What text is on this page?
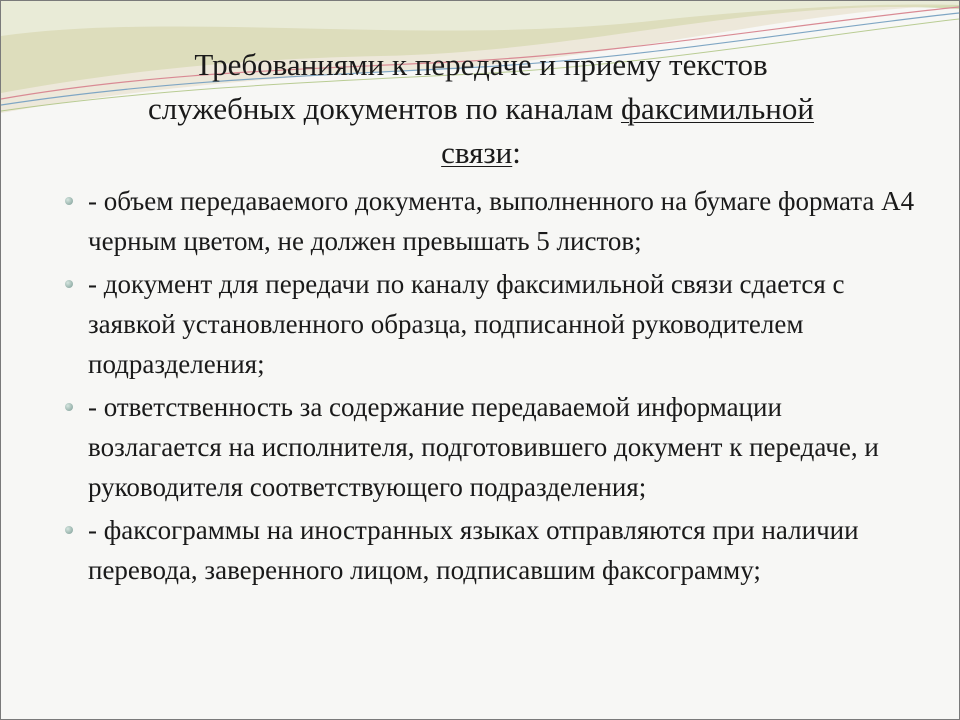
Требованиями к передаче и приему текстов
служебных документов по каналам факсимильной
связи:
- объем передаваемого документа, выполненного на бумаге формата А4 черным цветом, не должен превышать 5 листов;
- документ для передачи по каналу факсимильной связи сдается с заявкой установленного образца, подписанной руководителем подразделения;
- ответственность за содержание передаваемой информации возлагается на исполнителя, подготовившего документ к передаче, и руководителя соответствующего подразделения;
- факсограммы на иностранных языках отправляются при наличии перевода, заверенного лицом, подписавшим факсограмму;
